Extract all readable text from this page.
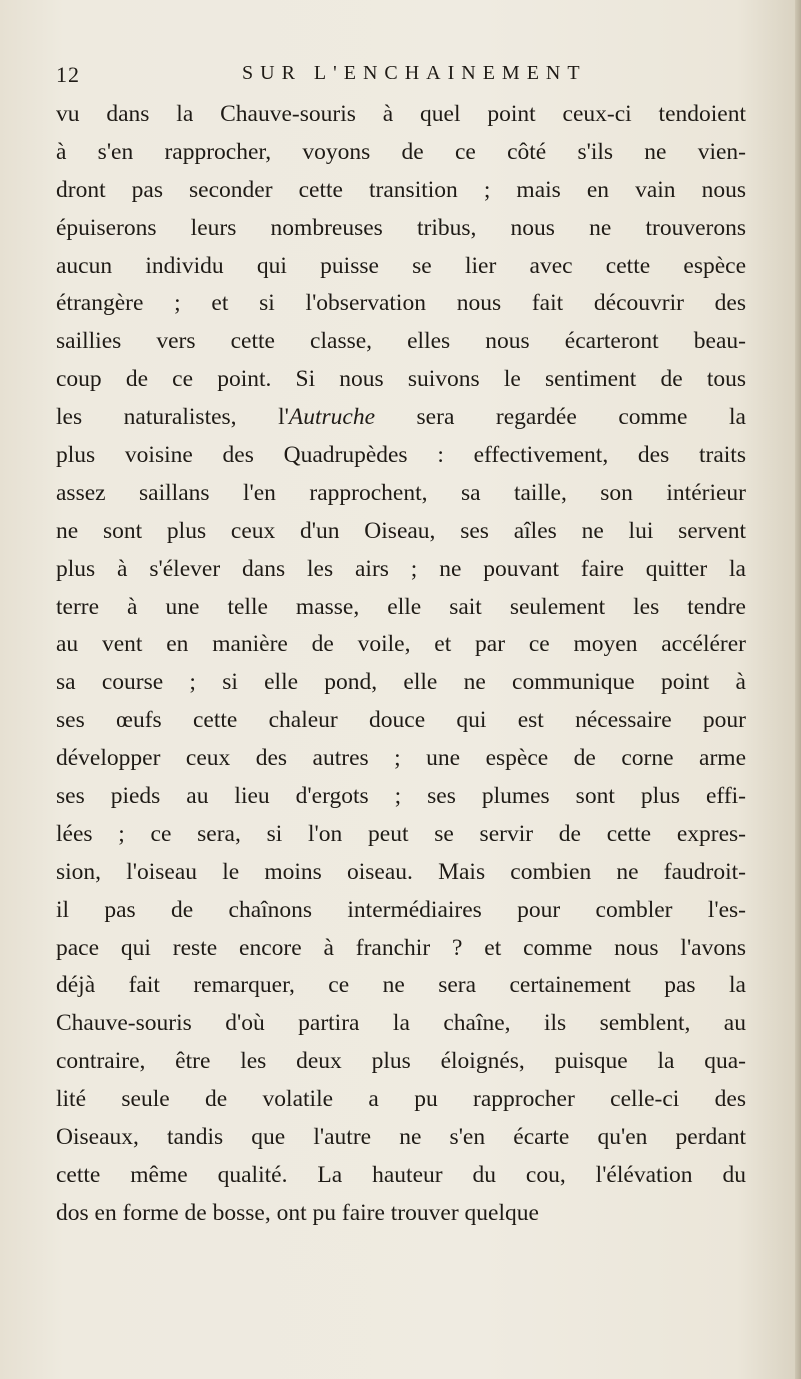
12	SUR L'ENCHAINEMENT
vu dans la Chauve-souris à quel point ceux-ci tendoient
à s'en rapprocher, voyons de ce côté s'ils ne vien-
dront pas seconder cette transition ; mais en vain nous
épuiserons leurs nombreuses tribus, nous ne trouverons
aucun individu qui puisse se lier avec cette espèce
étrangère ; et si l'observation nous fait découvrir des
saillies vers cette classe, elles nous écarteront beau-
coup de ce point. Si nous suivons le sentiment de tous
les naturalistes, l'Autruche sera regardée comme la
plus voisine des Quadrupèdes : effectivement, des traits
assez saillans l'en rapprochent, sa taille, son intérieur
ne sont plus ceux d'un Oiseau, ses aîles ne lui servent
plus à s'élever dans les airs ; ne pouvant faire quitter la
terre à une telle masse, elle sait seulement les tendre
au vent en manière de voile, et par ce moyen accélérer
sa course ; si elle pond, elle ne communique point à
ses œufs cette chaleur douce qui est nécessaire pour
développer ceux des autres ; une espèce de corne arme
ses pieds au lieu d'ergots ; ses plumes sont plus effi-
lées ; ce sera, si l'on peut se servir de cette expres-
sion, l'oiseau le moins oiseau. Mais combien ne faudroit-
il pas de chaînons intermédiaires pour combler l'es-
pace qui reste encore à franchir ? et comme nous l'avons
déjà fait remarquer, ce ne sera certainement pas la
Chauve-souris d'où partira la chaîne, ils semblent, au
contraire, être les deux plus éloignés, puisque la qua-
lité seule de volatile a pu rapprocher celle-ci des
Oiseaux, tandis que l'autre ne s'en écarte qu'en perdant
cette même qualité. La hauteur du cou, l'élévation du
dos en forme de bosse, ont pu faire trouver quelque
